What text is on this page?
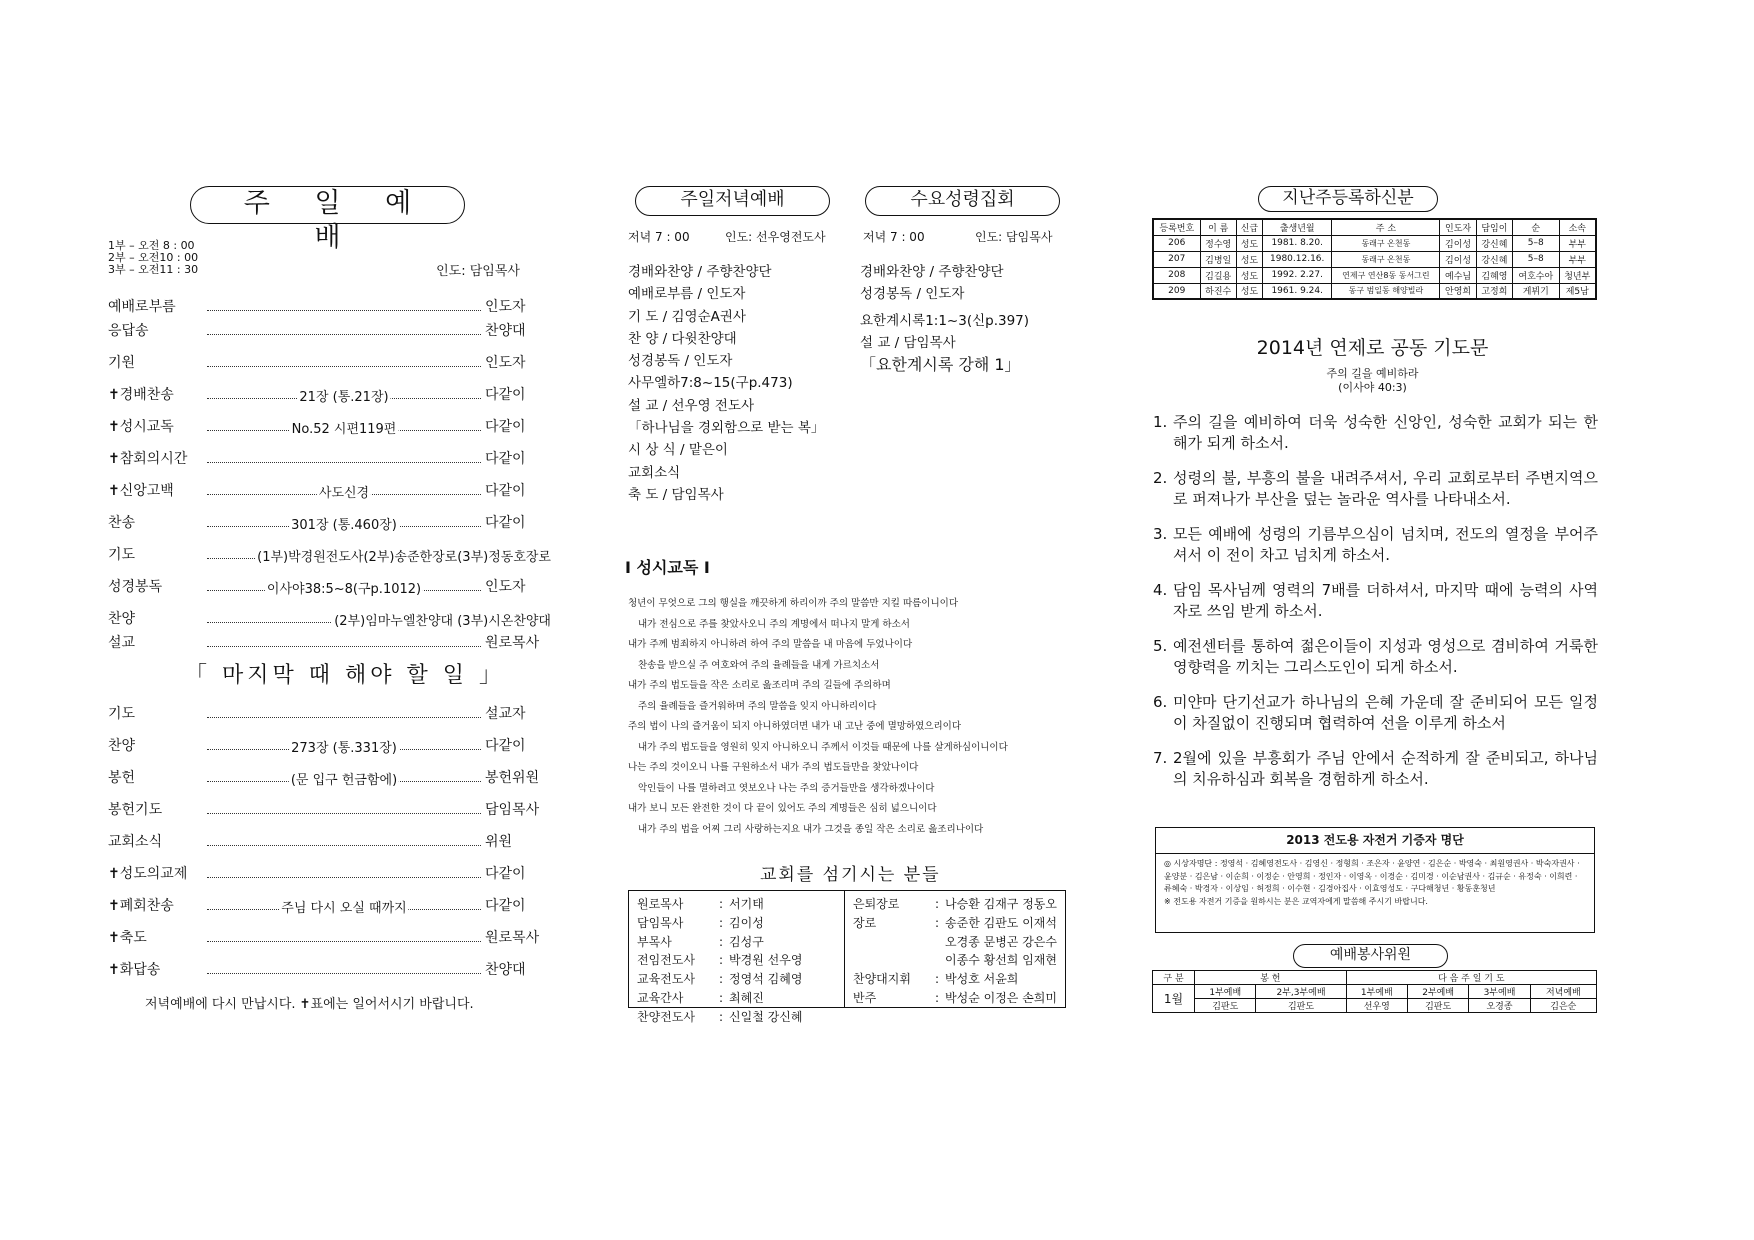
주 일 예 배
1부 – 오전 8 : 00
2부 – 오전10 : 00
3부 – 오전11 : 30	인도: 담임목사
예배로부름	인도자
응답송	찬양대
기원	인도자
✝경배찬송	21장 (통.21장)	다같이
✝성시교독	No.52 시편119편	다같이
✝참회의시간	다같이
✝신앙고백	사도신경	다같이
찬송	301장 (통.460장)	다같이
기도	(1부)박경원전도사(2부)송준한장로(3부)정동호장로
성경봉독	이사야38:5~8(구p.1012)	인도자
찬양	(2부)임마누엘찬양대 (3부)시온찬양대
설교	원로목사
「 마지막 때 해야 할 일 」
기도	설교자
찬양	273장 (통.331장)	다같이
봉헌	(문 입구 헌금함에)	봉헌위원
봉헌기도	담임목사
교회소식	위원
✝성도의교제	다같이
✝폐회찬송	주님 다시 오실 때까지	다같이
✝축도	원로목사
✝화답송	찬양대
저녁예배에 다시 만납시다. ✝표에는 일어서시기 바랍니다.
주일저녁예배	수요성령집회
저녁 7 : 00	인도: 선우영전도사	저녁 7 : 00	인도: 담임목사
경배와찬양 / 주향찬양단
예배로부름 / 인도자
기 도 / 김영순A권사
찬 양 / 다윗찬양대
성경봉독 / 인도자
사무엘하7:8~15(구p.473)
설 교 / 선우영 전도사
「하나님을 경외함으로 받는 복」
시 상 식 / 맡은이
교회소식
축 도 / 담임목사
경배와찬양 / 주향찬양단
성경봉독 / 인도자
요한계시록1:1~3(신p.397)
설 교 / 담임목사
「요한계시록 강해 1」
I 성시교독 I
청년이 무엇으로 그의 행실을 깨끗하게 하리이까 주의 말씀만 지킬 따름이니이다
내가 전심으로 주를 찾았사오니 주의 계명에서 떠나지 말게 하소서
내가 주께 범죄하지 아니하려 하여 주의 말씀을 내 마음에 두었나이다
찬송을 받으실 주 여호와여 주의 율례들을 내게 가르치소서
내가 주의 법도들을 작은 소리로 읊조리며 주의 길들에 주의하며
주의 율례들을 즐거워하며 주의 말씀을 잊지 아니하리이다
주의 법이 나의 즐거움이 되지 아니하였더면 내가 내 고난 중에 멸망하였으리이다
내가 주의 법도들을 영원히 잊지 아니하오니 주께서 이것들 때문에 나를 살게하심이니이다
나는 주의 것이오니 나를 구원하소서 내가 주의 법도들만을 찾았나이다
악인들이 나를 멸하려고 엿보오나 나는 주의 증거들만을 생각하겠나이다
내가 보니 모든 완전한 것이 다 끝이 있어도 주의 계명들은 심히 넓으니이다
내가 주의 법을 어찌 그리 사랑하는지요 내가 그것을 종일 작은 소리로 읊조리나이다
교회를 섬기시는 분들
원로목사	: 서기태
담임목사	: 김이성
부목사	: 김성구
전임전도사	: 박경원 선우영
교육전도사	: 정영석 김혜영
교육간사	: 최혜진
찬양전도사	: 신일철 강신혜
은퇴장로	: 나승환 김재구 정동오
장로	: 송준한 김판도 이재석
오경종 문병곤 강은수
이종수 황선희 임재현
찬양대지휘	: 박성호 서윤희
반주	: 박성순 이정은 손희미
지난주등록하신분
등록번호	이 름	신급	출생년월	주 소	인도자	담임이	순	소속
206	정수영	성도	1981. 8.20.	동래구 온천동	김이성	강신혜	5–8	부부
207	김병일	성도	1980.12.16.	동래구 온천동	김이성	강신혜	5–8	부부
208	김길용	성도	1992. 2.27.	연제구 연산8동 동서그린	예수님	김혜영	여호수아	청년부
209	하진수	성도	1961. 9.24.	동구 범일동 해양빌라	안영희	고정희	게뷔기	제5남
2014년 연제로 공동 기도문
주의 길을 예비하라
(이사야 40:3)
1. 주의 길을 예비하여 더욱 성숙한 신앙인, 성숙한 교회가 되는 한 해가 되게 하소서.
2. 성령의 불, 부흥의 불을 내려주셔서, 우리 교회로부터 주변지역으로 퍼져나가 부산을 덮는 놀라운 역사를 나타내소서.
3. 모든 예배에 성령의 기름부으심이 넘치며, 전도의 열정을 부어주셔서 이 전이 차고 넘치게 하소서.
4. 담임 목사님께 영력의 7배를 더하셔서, 마지막 때에 능력의 사역자로 쓰임 받게 하소서.
5. 예전센터를 통하여 젊은이들이 지성과 영성으로 겸비하여 거룩한 영향력을 끼치는 그리스도인이 되게 하소서.
6. 미얀마 단기선교가 하나님의 은혜 가운데 잘 준비되어 모든 일정이 차질없이 진행되며 협력하여 선을 이루게 하소서
7. 2월에 있을 부흥회가 주님 안에서 순적하게 잘 준비되고, 하나님의 치유하심과 회복을 경험하게 하소서.
2013 전도용 자전거 기증자 명단
◎ 시상자명단 : 정영석 · 김혜영전도사 · 김영신 · 정형희 · 조은자 · 윤양연 · 김은순 · 박영숙 · 최원영권사 · 박숙자권사 · 윤양분 · 김은남 · 이순희 · 이정순 · 안영희 · 정인자 · 이영옥 · 이경순 · 김미경 · 이순남권사 · 김규순 · 유정숙 · 이희련 · 류혜숙 · 박경자 · 이상임 · 허정희 · 이수현 · 김경아집사 · 이효영성도 · 구다해청년 · 황동훈청년
※ 전도용 자전거 기증을 원하시는 분은 교역자에게 말씀해 주시기 바랍니다.
예배봉사위원
구 분	봉 헌		다 음 주 일 기 도			
1월	1부예배	2부,3부예배	1부예배	2부예배	3부예배	저녁예배
	김판도	김판도	선우영	김판도	오경종	김은순
